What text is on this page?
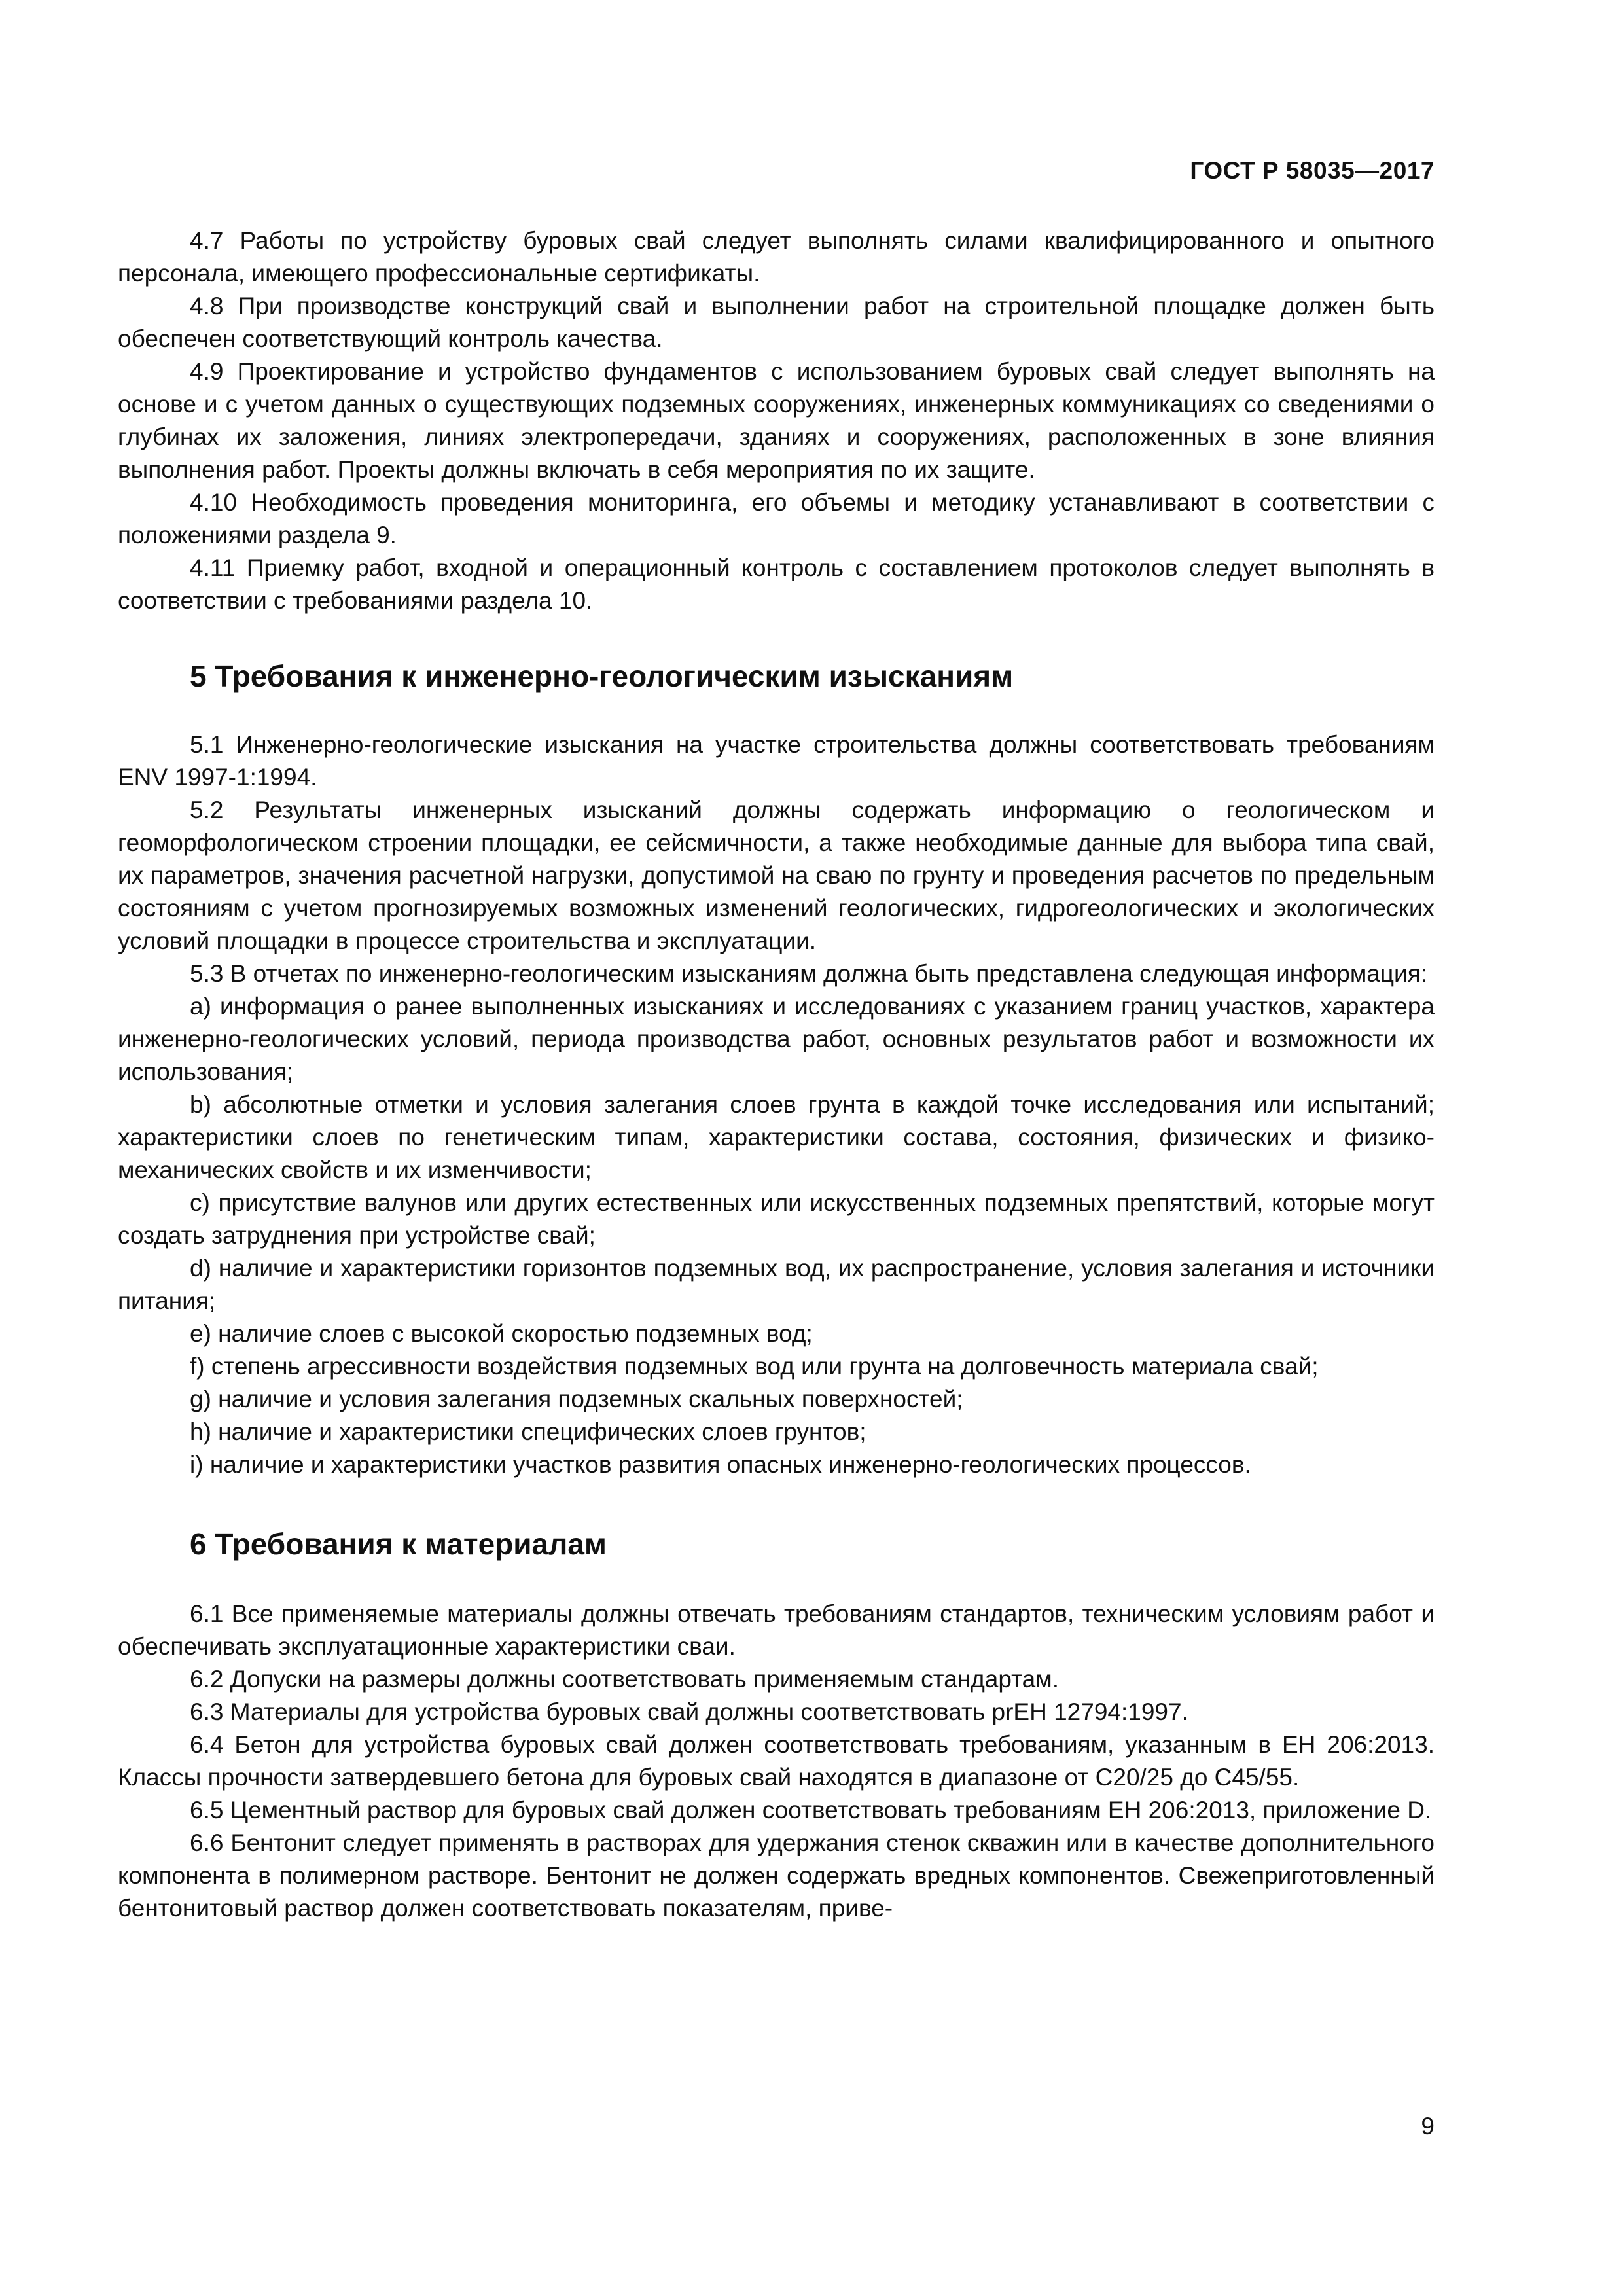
ГОСТ Р 58035—2017

4.7 Работы по устройству буровых свай следует выполнять силами квалифицированного и опытного персонала, имеющего профессиональные сертификаты.

4.8 При производстве конструкций свай и выполнении работ на строительной площадке должен быть обеспечен соответствующий контроль качества.

4.9 Проектирование и устройство фундаментов с использованием буровых свай следует выполнять на основе и с учетом данных о существующих подземных сооружениях, инженерных коммуникациях со сведениями о глубинах их заложения, линиях электропередачи, зданиях и сооружениях, расположенных в зоне влияния выполнения работ. Проекты должны включать в себя мероприятия по их защите.

4.10 Необходимость проведения мониторинга, его объемы и методику устанавливают в соответствии с положениями раздела 9.

4.11 Приемку работ, входной и операционный контроль с составлением протоколов следует выполнять в соответствии с требованиями раздела 10.

5 Требования к инженерно-геологическим изысканиям

5.1 Инженерно-геологические изыскания на участке строительства должны соответствовать требованиям ENV 1997-1:1994.

5.2 Результаты инженерных изысканий должны содержать информацию о геологическом и геоморфологическом строении площадки, ее сейсмичности, а также необходимые данные для выбора типа свай, их параметров, значения расчетной нагрузки, допустимой на сваю по грунту и проведения расчетов по предельным состояниям с учетом прогнозируемых возможных изменений геологических, гидрогеологических и экологических условий площадки в процессе строительства и эксплуатации.

5.3 В отчетах по инженерно-геологическим изысканиям должна быть представлена следующая информация:

a) информация о ранее выполненных изысканиях и исследованиях с указанием границ участков, характера инженерно-геологических условий, периода производства работ, основных результатов работ и возможности их использования;

b) абсолютные отметки и условия залегания слоев грунта в каждой точке исследования или испытаний; характеристики слоев по генетическим типам, характеристики состава, состояния, физических и физико-механических свойств и их изменчивости;

c) присутствие валунов или других естественных или искусственных подземных препятствий, которые могут создать затруднения при устройстве свай;

d) наличие и характеристики горизонтов подземных вод, их распространение, условия залегания и источники питания;

e) наличие слоев с высокой скоростью подземных вод;

f) степень агрессивности воздействия подземных вод или грунта на долговечность материала свай;

g) наличие и условия залегания подземных скальных поверхностей;

h) наличие и характеристики специфических слоев грунтов;

i) наличие и характеристики участков развития опасных инженерно-геологических процессов.

6 Требования к материалам

6.1 Все применяемые материалы должны отвечать требованиям стандартов, техническим условиям работ и обеспечивать эксплуатационные характеристики сваи.

6.2 Допуски на размеры должны соответствовать применяемым стандартам.

6.3 Материалы для устройства буровых свай должны соответствовать prEH 12794:1997.

6.4 Бетон для устройства буровых свай должен соответствовать требованиям, указанным в EH 206:2013. Классы прочности затвердевшего бетона для буровых свай находятся в диапазоне от C20/25 до C45/55.

6.5 Цементный раствор для буровых свай должен соответствовать требованиям EH 206:2013, приложение D.

6.6 Бентонит следует применять в растворах для удержания стенок скважин или в качестве дополнительного компонента в полимерном растворе. Бентонит не должен содержать вредных компонентов. Свежеприготовленный бентонитовый раствор должен соответствовать показателям, приве-

9
